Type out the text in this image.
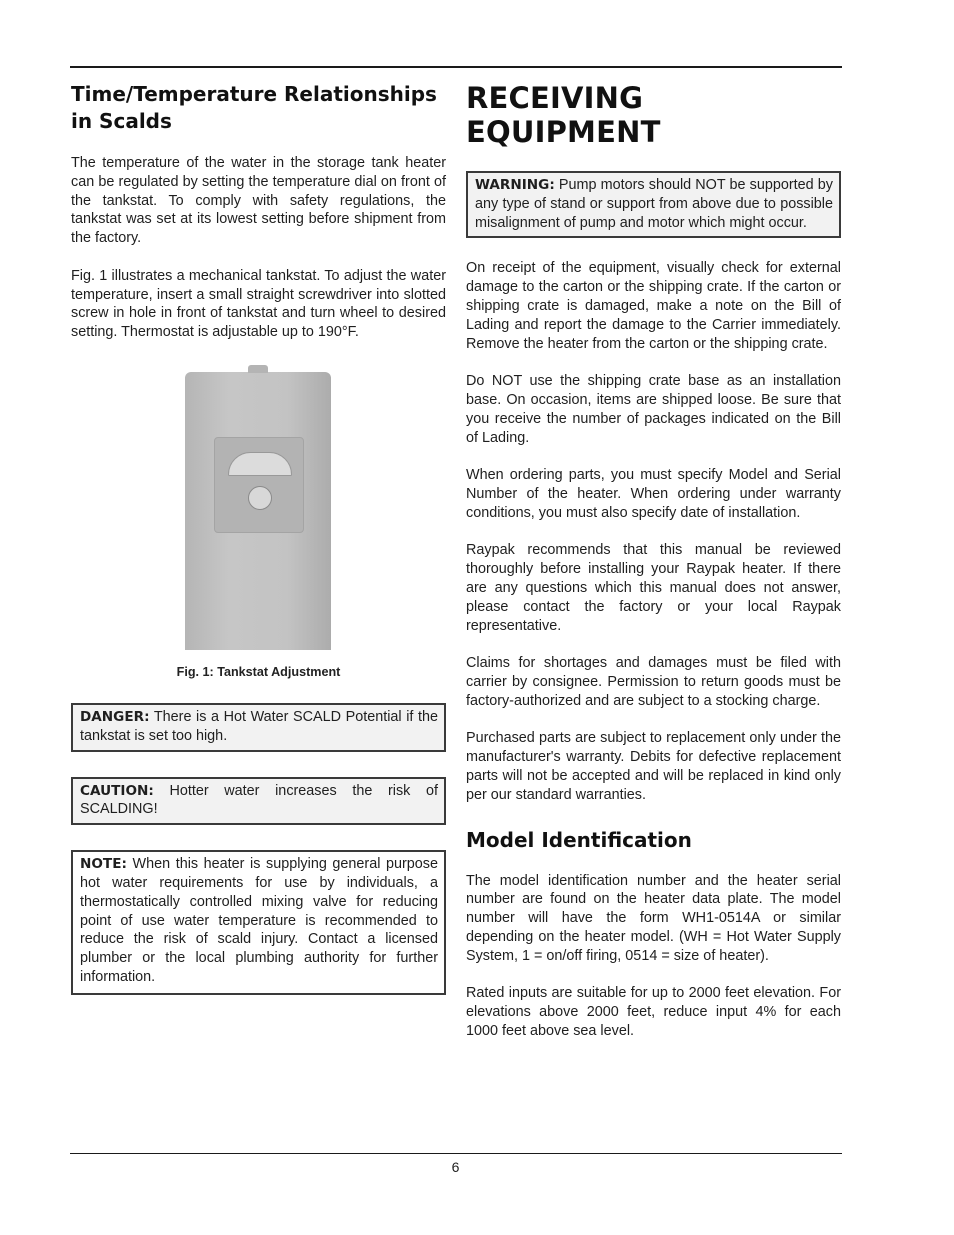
Time/Temperature Relationships in Scalds

The temperature of the water in the storage tank heater can be regulated by setting the temperature dial on front of the tankstat. To comply with safety regulations, the tankstat was set at its lowest setting before shipment from the factory.

Fig. 1 illustrates a mechanical tankstat. To adjust the water temperature, insert a small straight screwdriver into slotted screw in hole in front of tankstat and turn wheel to desired setting. Thermostat is adjustable up to 190°F.

Fig. 1: Tankstat Adjustment

DANGER: There is a Hot Water SCALD Potential if the tankstat is set too high.

CAUTION: Hotter water increases the risk of SCALDING!

NOTE: When this heater is supplying general purpose hot water requirements for use by individuals, a thermostatically controlled mixing valve for reducing point of use water temperature is recommended to reduce the risk of scald injury. Contact a licensed plumber or the local plumbing authority for further information.

RECEIVING EQUIPMENT

WARNING: Pump motors should NOT be supported by any type of stand or support from above due to possible misalignment of pump and motor which might occur.

On receipt of the equipment, visually check for external damage to the carton or the shipping crate. If the carton or shipping crate is damaged, make a note on the Bill of Lading and report the damage to the Carrier immediately. Remove the heater from the carton or the shipping crate.

Do NOT use the shipping crate base as an installation base. On occasion, items are shipped loose. Be sure that you receive the number of packages indicated on the Bill of Lading.

When ordering parts, you must specify Model and Serial Number of the heater. When ordering under warranty conditions, you must also specify date of installation.

Raypak recommends that this manual be reviewed thoroughly before installing your Raypak heater. If there are any questions which this manual does not answer, please contact the factory or your local Raypak representative.

Claims for shortages and damages must be filed with carrier by consignee. Permission to return goods must be factory-authorized and are subject to a stocking charge.

Purchased parts are subject to replacement only under the manufacturer's warranty. Debits for defective replacement parts will not be accepted and will be replaced in kind only per our standard warranties.

Model Identification

The model identification number and the heater serial number are found on the heater data plate. The model number will have the form WH1-0514A or similar depending on the heater model. (WH = Hot Water Supply System, 1 = on/off firing, 0514 = size of heater).

Rated inputs are suitable for up to 2000 feet elevation. For elevations above 2000 feet, reduce input 4% for each 1000 feet above sea level.

6
